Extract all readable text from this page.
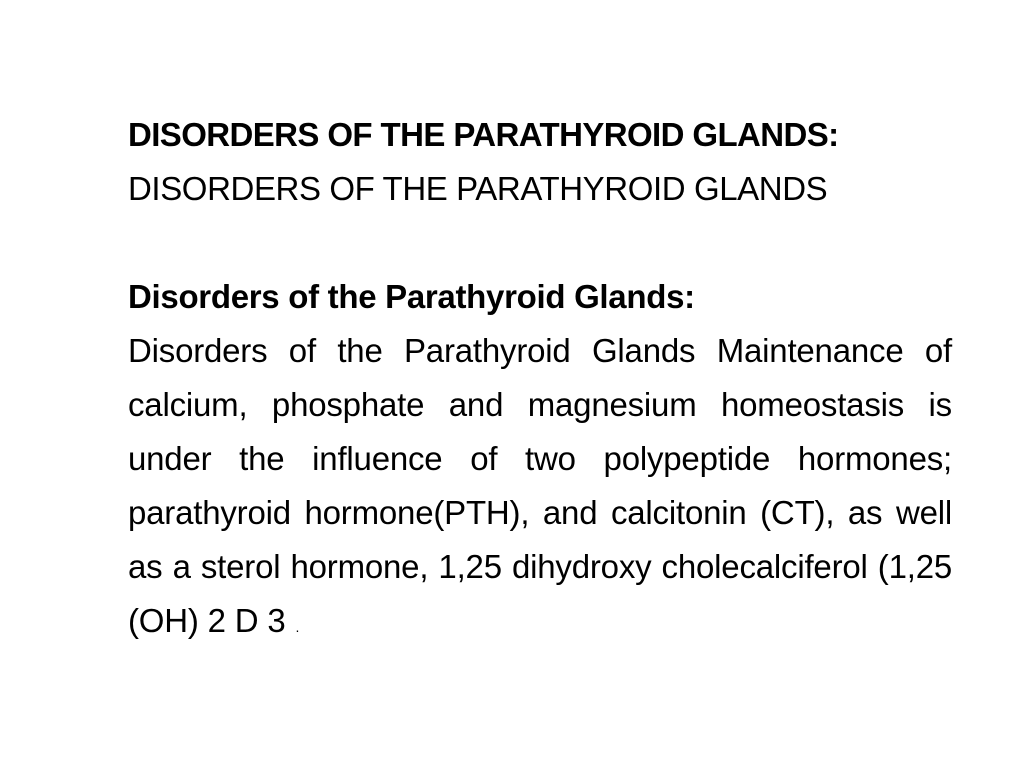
DISORDERS OF THE PARATHYROID GLANDS:
DISORDERS OF THE PARATHYROID GLANDS
Disorders of the Parathyroid Glands:
Disorders of the Parathyroid Glands Maintenance of calcium, phosphate and magnesium homeostasis is under the influence of two polypeptide hormones; parathyroid hormone(PTH), and calcitonin (CT), as well as a sterol hormone, 1,25 dihydroxy cholecalciferol (1,25 (OH) 2 D 3 .
